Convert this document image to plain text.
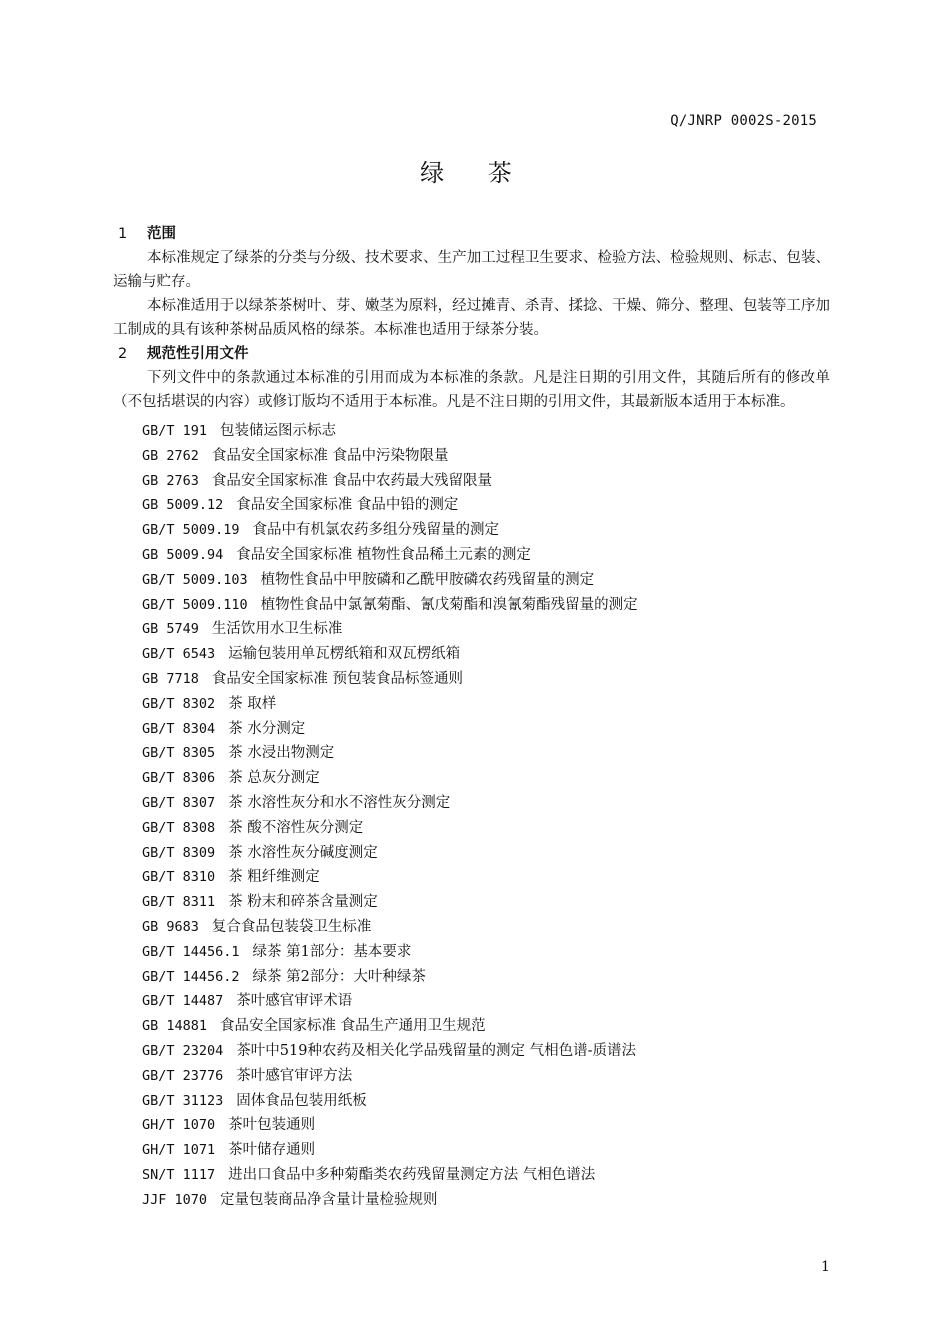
Q/JNRP 0002S-2015
绿 茶
1 范围

本标准规定了绿茶的分类与分级、技术要求、生产加工过程卫生要求、检验方法、检验规则、标志、包装、运输与贮存。

本标准适用于以绿茶茶树叶、芽、嫩茎为原料，经过摊青、杀青、揉捻、干燥、筛分、整理、包装等工序加工制成的具有该种茶树品质风格的绿茶。本标准也适用于绿茶分装。

2 规范性引用文件

下列文件中的条款通过本标准的引用而成为本标准的条款。凡是注日期的引用文件，其随后所有的修改单（不包括堪误的内容）或修订版均不适用于本标准。凡是不注日期的引用文件，其最新版本适用于本标准。

GB/T 191 包装储运图示标志
GB 2762 食品安全国家标准 食品中污染物限量
GB 2763 食品安全国家标准 食品中农药最大残留限量
GB 5009.12 食品安全国家标准 食品中铅的测定
GB/T 5009.19 食品中有机氯农药多组分残留量的测定
GB 5009.94 食品安全国家标准 植物性食品稀土元素的测定
GB/T 5009.103 植物性食品中甲胺磷和乙酰甲胺磷农药残留量的测定
GB/T 5009.110 植物性食品中氯氰菊酯、氰戊菊酯和溴氰菊酯残留量的测定
GB 5749 生活饮用水卫生标准
GB/T 6543 运输包装用单瓦楞纸箱和双瓦楞纸箱
GB 7718 食品安全国家标准 预包装食品标签通则
GB/T 8302 茶 取样
GB/T 8304 茶 水分测定
GB/T 8305 茶 水浸出物测定
GB/T 8306 茶 总灰分测定
GB/T 8307 茶 水溶性灰分和水不溶性灰分测定
GB/T 8308 茶 酸不溶性灰分测定
GB/T 8309 茶 水溶性灰分碱度测定
GB/T 8310 茶 粗纤维测定
GB/T 8311 茶 粉末和碎茶含量测定
GB 9683 复合食品包装袋卫生标准
GB/T 14456.1 绿茶 第1部分：基本要求
GB/T 14456.2 绿茶 第2部分：大叶种绿茶
GB/T 14487 茶叶感官审评术语
GB 14881 食品安全国家标准 食品生产通用卫生规范
GB/T 23204 茶叶中519种农药及相关化学品残留量的测定 气相色谱-质谱法
GB/T 23776 茶叶感官审评方法
GB/T 31123 固体食品包装用纸板
GH/T 1070 茶叶包装通则
GH/T 1071 茶叶储存通则
SN/T 1117 进出口食品中多种菊酯类农药残留量测定方法 气相色谱法
JJF 1070 定量包装商品净含量计量检验规则
1
